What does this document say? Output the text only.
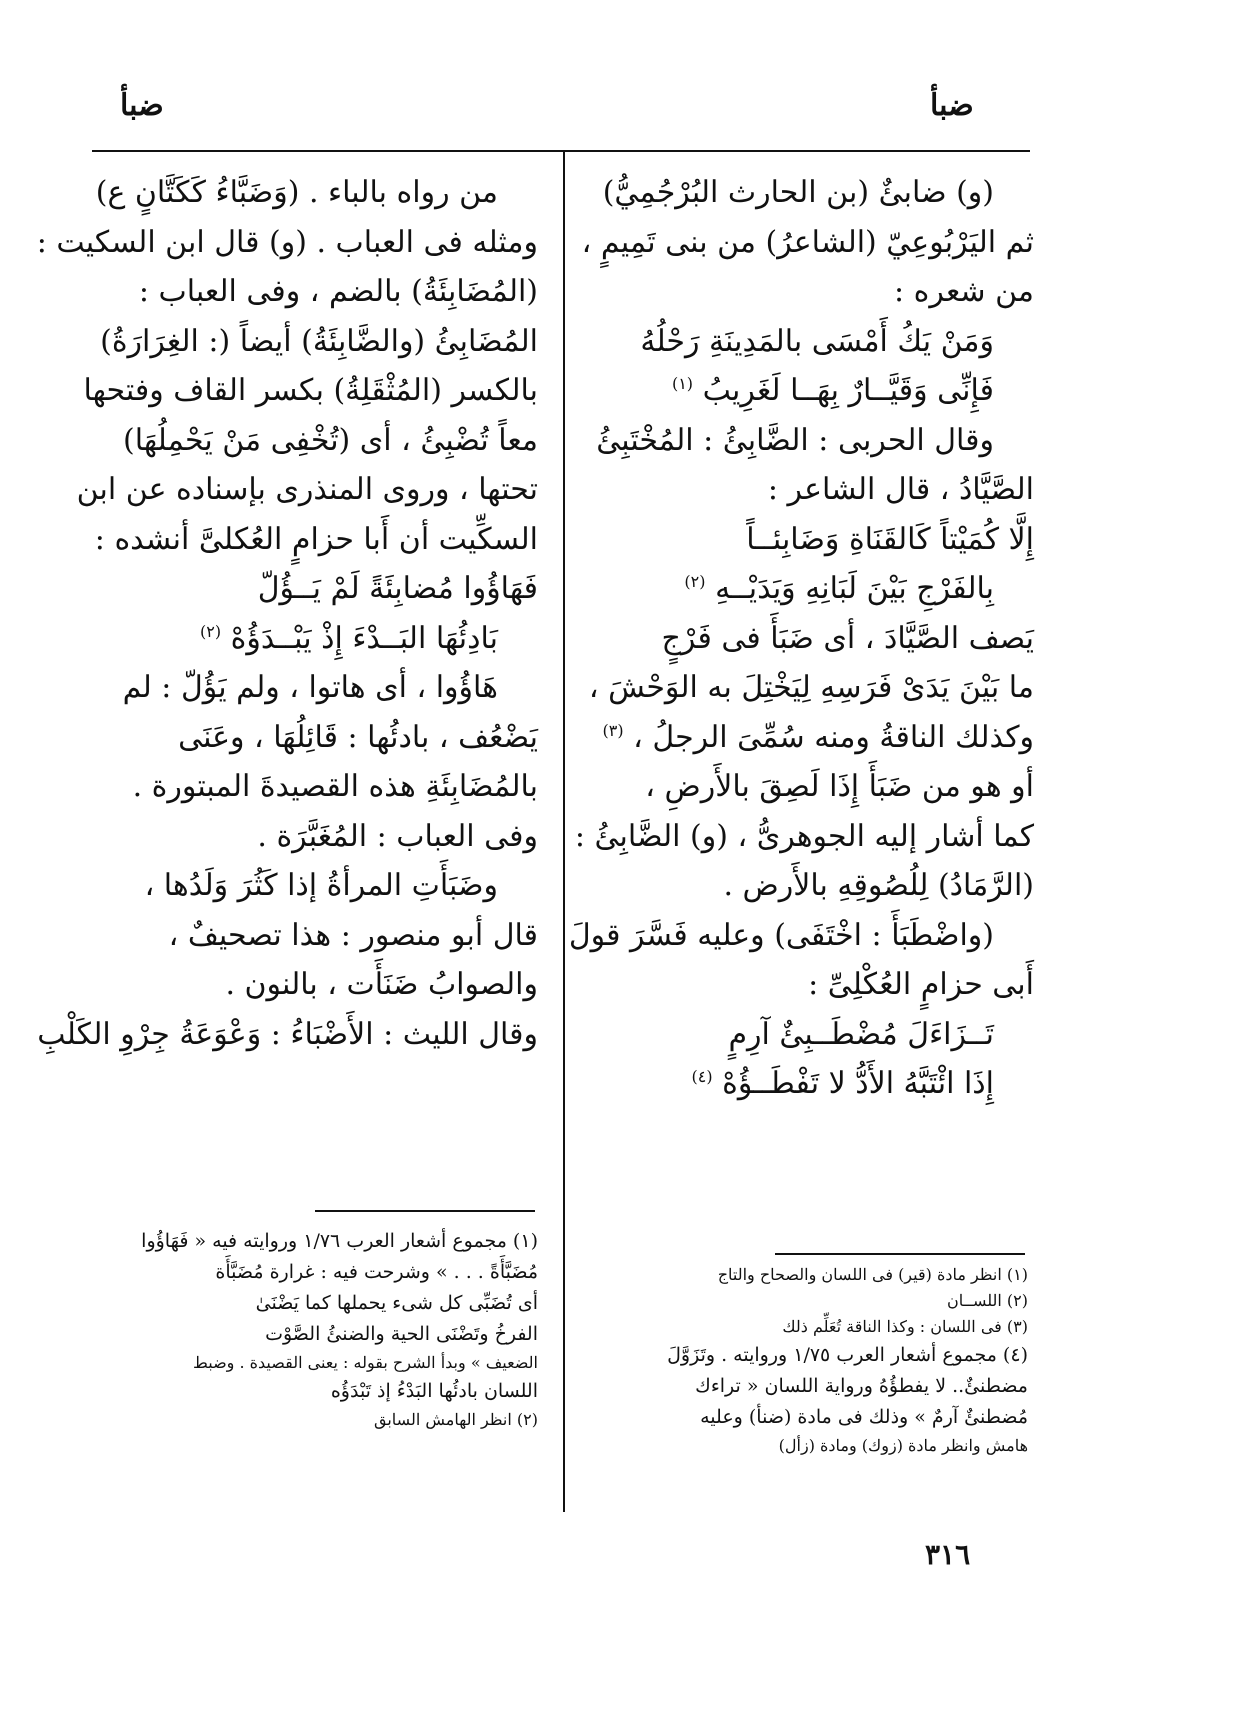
ضبأ
ضبأ
(و) ضابئٌ (بن الحارث البُرْجُمِيُّ)
ثم اليَرْبُوعِيّ (الشاعرُ) من بنى تَمِيمٍ ،
من شعره :
وَمَنْ يَكُ أَمْسَى بالمَدِينَةِ رَحْلُهُ
فَإِنِّى وَقَيَّــارٌ بِهَــا لَغَرِيبُ $^{(١)}$
وقال الحربى : الضَّابِئُ : المُخْتَبِئُ
الصَّيَّادُ ، قال الشاعر :
إِلَّا كُمَيْتاً كَالقَنَاةِ وَضَابِئــاً
بِالفَرْجِ بَيْنَ لَبَانِهِ وَيَدَيْــهِ $^{(٢)}$
يَصف الصَّيَّادَ ، أى ضَبَأَ فى فَرْجٍ
ما بَيْنَ يَدَىْ فَرَسِهِ لِيَخْتِلَ به الوَحْشَ ،
وكذلك الناقةُ ومنه سُمِّىَ الرجلُ ، $^{(٣)}$
أو هو من ضَبَأَ إِذَا لَصِقَ بالأَرضِ ،
كما أشار إليه الجوهرىُّ ، (و) الضَّابِئُ :
(الرَّمَادُ) لِلُصُوقِهِ بالأَرض .
(واضْطَبَأَ : اخْتَفَى) وعليه فَسَّرَ قولَ
أَبى حزامٍ العُكْلِىِّ :
تَــزَاءَلَ مُضْطَــبِئٌ آرِمٍ
إِذَا ائْتَبَّهُ الأَدُّ لا تَفْطَــؤُهْ $^{(٤)}$
(١) انظر مادة (قير) فى اللسان والصحاح والتاج
(٢) اللســان
(٣) فى اللسان : وكذا الناقة تُعَلِّم ذلك
(٤) مجموع أشعار العرب ١/٧٥ وروايته . وتَزَوَّلَ
مضطنئٌ.. لا يفطؤُهُ ورواية اللسان « تراءك
مُضطنئٌ آرمٌ » وذلك فى مادة (ضنأ) وعليه
هامش وانظر مادة (زوك) ومادة (زأل)
من رواه بالباء . (وَضَبَّاءُ كَكَتَّانٍ ع)
ومثله فى العباب . (و) قال ابن السكيت :
(المُضَابِئَةُ) بالضم ، وفى العباب :
المُضَابِئُ (والضَّابِئَةُ) أيضاً (: الغِرَارَةُ)
بالكسر (المُثْقَلِةُ) بكسر القاف وفتحها
معاً تُضْبِئُ ، أى (تُخْفِى مَنْ يَحْمِلُهَا)
تحتها ، وروى المنذرى بإسناده عن ابن
السكِّيت أن أَبا حزامٍ العُكلىَّ أنشده :
فَهَاؤُوا مُضابِئَةً لَمْ يَــؤُلّ
بَادِئُهَا البَــدْءَ إِذْ يَبْــدَؤُهْ $^{(٢)}$
هَاؤُوا ، أى هاتوا ، ولم يَؤُلّ : لم
يَضْعُف ، بادئُها : قَائِلُهَا ، وعَنَى
بالمُضَابِئَةِ هذه القصيدةَ المبتورة .
وفى العباب : المُغَبَّرَة .
وضَبَأَتِ المرأةُ إذا كَثُرَ وَلَدُها ،
قال أبو منصور : هذا تصحيفٌ ،
والصوابُ ضَنَأَت ، بالنون .
وقال الليث : الأَضْبَاءُ : وَعْوَعَةُ جِرْوِ الكَلْبِ
(١) مجموع أشعار العرب ١/٧٦ وروايته فيه « فَهَاؤُوا
مُضَبَّأَةً . . . » وشرحت فيه : غرارة مُضَبَّأَة
أى تُضَبِّى كل شىء يحملها كما يَضْنَىٰ
الفرخُ وتَضْنَى الحية والضنئُ الصَّوْت
الضعيف » وبدأ الشرح بقوله : يعنى القصيدة . وضبط
اللسان بادئُها البَدْءُ إذ تَبْدَؤُه
(٢) انظر الهامش السابق
٣١٦
